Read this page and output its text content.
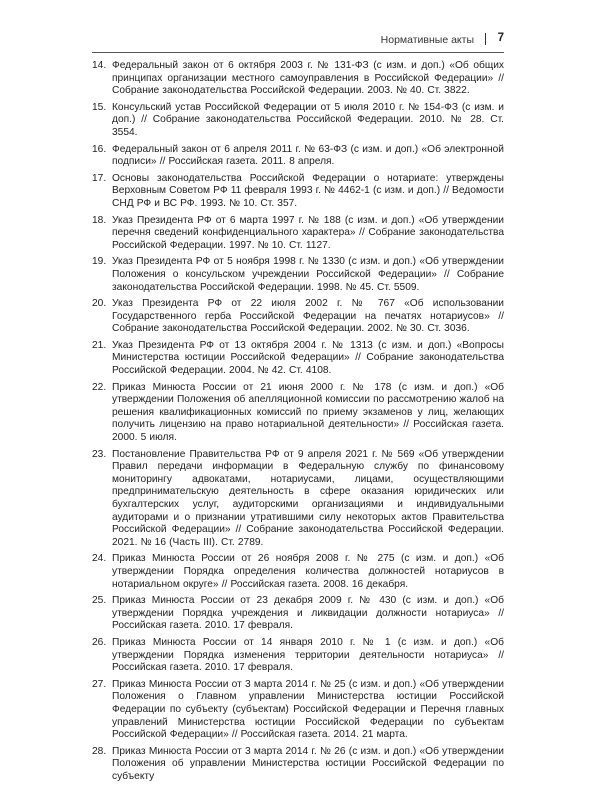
Нормативные акты 7
14. Федеральный закон от 6 октября 2003 г. № 131-ФЗ (с изм. и доп.) «Об общих принципах организации местного самоуправления в Российской Федерации» // Собрание законодательства Российской Федерации. 2003. № 40. Ст. 3822.
15. Консульский устав Российской Федерации от 5 июля 2010 г. № 154-ФЗ (с изм. и доп.) // Собрание законодательства Российской Федерации. 2010. № 28. Ст. 3554.
16. Федеральный закон от 6 апреля 2011 г. № 63-ФЗ (с изм. и доп.) «Об электронной подписи» // Российская газета. 2011. 8 апреля.
17. Основы законодательства Российской Федерации о нотариате: утверждены Верховным Советом РФ 11 февраля 1993 г. № 4462-1 (с изм. и доп.) // Ведомости СНД РФ и ВС РФ. 1993. № 10. Ст. 357.
18. Указ Президента РФ от 6 марта 1997 г. № 188 (с изм. и доп.) «Об утверждении перечня сведений конфиденциального характера» // Собрание законодательства Российской Федерации. 1997. № 10. Ст. 1127.
19. Указ Президента РФ от 5 ноября 1998 г. № 1330 (с изм. и доп.) «Об утверждении Положения о консульском учреждении Российской Федерации» // Собрание законодательства Российской Федерации. 1998. № 45. Ст. 5509.
20. Указ Президента РФ от 22 июля 2002 г. № 767 «Об использовании Государственного герба Российской Федерации на печатях нотариусов» // Собрание законодательства Российской Федерации. 2002. № 30. Ст. 3036.
21. Указ Президента РФ от 13 октября 2004 г. № 1313 (с изм. и доп.) «Вопросы Министерства юстиции Российской Федерации» // Собрание законодательства Российской Федерации. 2004. № 42. Ст. 4108.
22. Приказ Минюста России от 21 июня 2000 г. № 178 (с изм. и доп.) «Об утверждении Положения об апелляционной комиссии по рассмотрению жалоб на решения квалификационных комиссий по приему экзаменов у лиц, желающих получить лицензию на право нотариальной деятельности» // Российская газета. 2000. 5 июля.
23. Постановление Правительства РФ от 9 апреля 2021 г. № 569 «Об утверждении Правил передачи информации в Федеральную службу по финансовому мониторингу адвокатами, нотариусами, лицами, осуществляющими предпринимательскую деятельность в сфере оказания юридических или бухгалтерских услуг, аудиторскими организациями и индивидуальными аудиторами и о признании утратившими силу некоторых актов Правительства Российской Федерации» // Собрание законодательства Российской Федерации. 2021. № 16 (Часть III). Ст. 2789.
24. Приказ Минюста России от 26 ноября 2008 г. № 275 (с изм. и доп.) «Об утверждении Порядка определения количества должностей нотариусов в нотариальном округе» // Российская газета. 2008. 16 декабря.
25. Приказ Минюста России от 23 декабря 2009 г. № 430 (с изм. и доп.) «Об утверждении Порядка учреждения и ликвидации должности нотариуса» // Российская газета. 2010. 17 февраля.
26. Приказ Минюста России от 14 января 2010 г. № 1 (с изм. и доп.) «Об утверждении Порядка изменения территории деятельности нотариуса» // Российская газета. 2010. 17 февраля.
27. Приказ Минюста России от 3 марта 2014 г. № 25 (с изм. и доп.) «Об утверждении Положения о Главном управлении Министерства юстиции Российской Федерации по субъекту (субъектам) Российской Федерации и Перечня главных управлений Министерства юстиции Российской Федерации по субъектам Российской Федерации» // Российская газета. 2014. 21 марта.
28. Приказ Минюста России от 3 марта 2014 г. № 26 (с изм. и доп.) «Об утверждении Положения об управлении Министерства юстиции Российской Федерации по субъекту
